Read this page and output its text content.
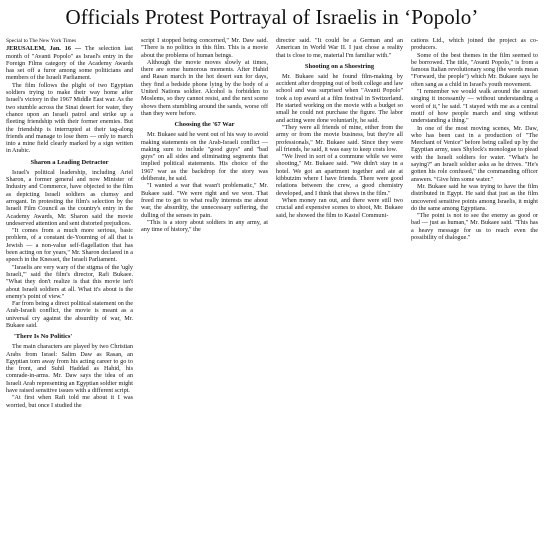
Officials Protest Portrayal of Israelis in ‘Popolo’

Special to The New York Times

JERUSALEM, Jan. 16 — The selection last month of "Avanti Popolo" as Israel's entry in the Foreign Films category of the Academy Awards has set off a furor among some politicians and members of the Israeli Parliament.

The film follows the plight of two Egyptian soldiers trying to make their way home after Israel's victory in the 1967 Middle East war. As the two stumble across the Sinai desert for water, they chance upon an Israeli patrol and strike up a fleeting friendship with their former enemies. But the friendship is interrupted at their tag-along friends and manage to lose them — only to march into a mine field clearly marked by a sign written in Arabic.

Sharon a Leading Detractor

Israel's political leadership, including Ariel Sharon, a former general and now Minister of Industry and Commerce, have objected to the film as depicting Israeli soldiers as clumsy and arrogant. In protesting the film's selection by the Israeli Film Council as the country's entry in the Academy Awards, Mr. Sharon said the movie undeserved attention and sent distorted prejudices.

"It comes from a much more serious, basic problem, of a constant de-Yourning of all that is Jewish — a non-value self-flagellation that has been acting on for years," Mr. Sharon declared in a speech in the Knesset, the Israeli Parliament.

"Israelis are very wary of the stigma of the 'ugly Israeli,'" said the film's director, Rafi Bukaee. "What they don't realize is that this movie isn't about Israeli soldiers at all. What it's about is the enemy's point of view."

Far from being a direct political statement on the Arab-Israeli conflict, the movie is meant as a universal cry against the absurdity of war, Mr. Bukaee said.

'There Is No Politics'

The main characters are played by two Christian Arabs from Israel: Salim Daw as Rasan, an Egyptian torn away from his acting career to go to the front, and Suhil Haddad as Hahid, his comrade-in-arms. Mr. Daw says the idea of an Israeli Arab representing an Egyptian soldier might have raised sensitive issues with a different script.

"At first when Rafi told me about it I was worried, but once I studied the

script I stopped being concerned," Mr. Daw said. "There is no politics in this film. This is a movie about the problems of human beings.

Although the movie moves slowly at times, there are some humorous moments. After Hahid and Rasan march in the hot desert sun for days, they find a bedside phone lying by the body of a United Nations soldier. Alcohol is forbidden to Moslems, so they cannot resist, and the next scene shows them stumbling around the sands, worse off than they were before.

Choosing the '67 War

Mr. Bukaee said he went out of his way to avoid making statements on the Arab-Israeli conflict — making sure to include "good guys" and "bad guys" on all sides and eliminating segments that implied political statements. His choice of the 1967 war as the backdrop for the story was deliberate, he said.

"I wanted a war that wasn't problematic," Mr. Bukaee said. "We were right and we won. That freed me to get to what really interests me about war, the absurdity, the unnecessary suffering, the dulling of the senses in pain.

"This is a story about soldiers in any army, at any time of history," the

director said. "It could be a German and an American in World War II. I just chose a reality that is close to me, material I'm familiar with."

Shooting on a Shoestring

Mr. Bukaee said he found film-making by accident after dropping out of both college and law school and was surprised when "Avanti Popolo" took a top award at a film festival in Switzerland. He started working on the movie with a budget so small he could not purchase the figure. The labor and acting were done voluntarily, he said.

"They were all friends of mine, either from the army or from the movie business, but they're all professionals," Mr. Bukaee said. Since they were all friends, he said, it was easy to keep costs low.

"We lived in sort of a commune while we were shooting," Mr. Bukaee said. "We didn't stay in a hotel. We got an apartment together and ate at kibbutzim where I have friends. There were good relations between the crew, a good chemistry developed, and I think that shows in the film."

When money ran out, and there were still two crucial and expensive scenes to shoot, Mr. Bukaee said, he showed the film to Kastel Communi-

cations Ltd., which joined the project as co-producers.

Some of the best themes in the film seemed to be borrowed. The title, "Avanti Popolo," is from a famous Italian revolutionary song (the words mean "Forward, the people") which Mr. Bukaee says he often sang as a child in Israel's youth movement.

"I remember we would walk around the sunset singing it incessantly — without understanding a word of it," he said. "I stayed with me as a central motif of how people march and sing without understanding a thing."

In one of the most moving scenes, Mr. Daw, who has been cast in a production of "The Merchant of Venice" before being called up by the Egyptian army, uses Shylock's monologue to plead with the Israeli soldiers for water. "What's he saying?" an Israeli soldier asks as he drives. "He's gotten his role confused," the commanding officer answers. "Give him some water."

Mr. Bukaee said he was trying to have the film distributed in Egypt. He said that just as the film uncovered sensitive points among Israelis, it might do the same among Egyptians.

"The point is not to see the enemy as good or bad — just as human," Mr. Bukaee said. "This has a heavy message for us to reach even the possibility of dialogue."
